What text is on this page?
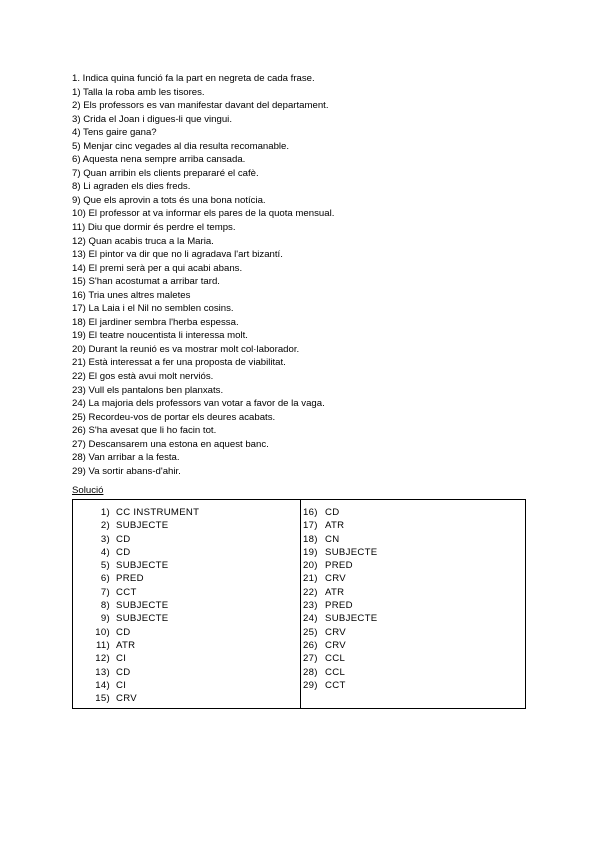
1. Indica quina funció fa la part en negreta de cada frase.

1) Talla la roba amb les tisores.
2) Els professors es van manifestar davant del departament.
3) Crida el Joan i digues-li que vingui.
4) Tens gaire gana?
5) Menjar cinc vegades al dia resulta recomanable.
6) Aquesta nena sempre arriba cansada.
7) Quan arribin els clients prepararé el cafè.
8) Li agraden els dies freds.
9) Que els aprovin a tots és una bona notícia.
10) El professor at va informar els pares de la quota mensual.
11) Diu que dormir és perdre el temps.
12) Quan acabis truca a la Maria.
13) El pintor va dir que no li agradava l'art bizantí.
14) El premi serà per a qui acabi abans.
15) S'han acostumat a arribar tard.
16) Tria unes altres maletes
17) La Laia i el Nil no semblen cosins.
18) El jardiner sembra l'herba espessa.
19) El teatre noucentista li interessa molt.
20) Durant la reunió es va mostrar molt col·laborador.
21) Està interessat a fer una proposta de viabilitat.
22) El gos està avui molt nerviós.
23) Vull els pantalons ben planxats.
24) La majoria dels professors van votar a favor de la vaga.
25) Recordeu-vos de portar els deures acabats.
26) S'ha avesat que li ho facin tot.
27) Descansarem una estona en aquest banc.
28) Van arribar a la festa.
29) Va sortir abans-d'ahir.
Solució
1) CC INSTRUMENT
2) SUBJECTE
3) CD
4) CD
5) SUBJECTE
6) PRED
7) CCT
8) SUBJECTE
9) SUBJECTE
10) CD
11) ATR
12) CI
13) CD
14) CI
15) CRV
16) CD
17) ATR
18) CN
19) SUBJECTE
20) PRED
21) CRV
22) ATR
23) PRED
24) SUBJECTE
25) CRV
26) CRV
27) CCL
28) CCL
29) CCT
